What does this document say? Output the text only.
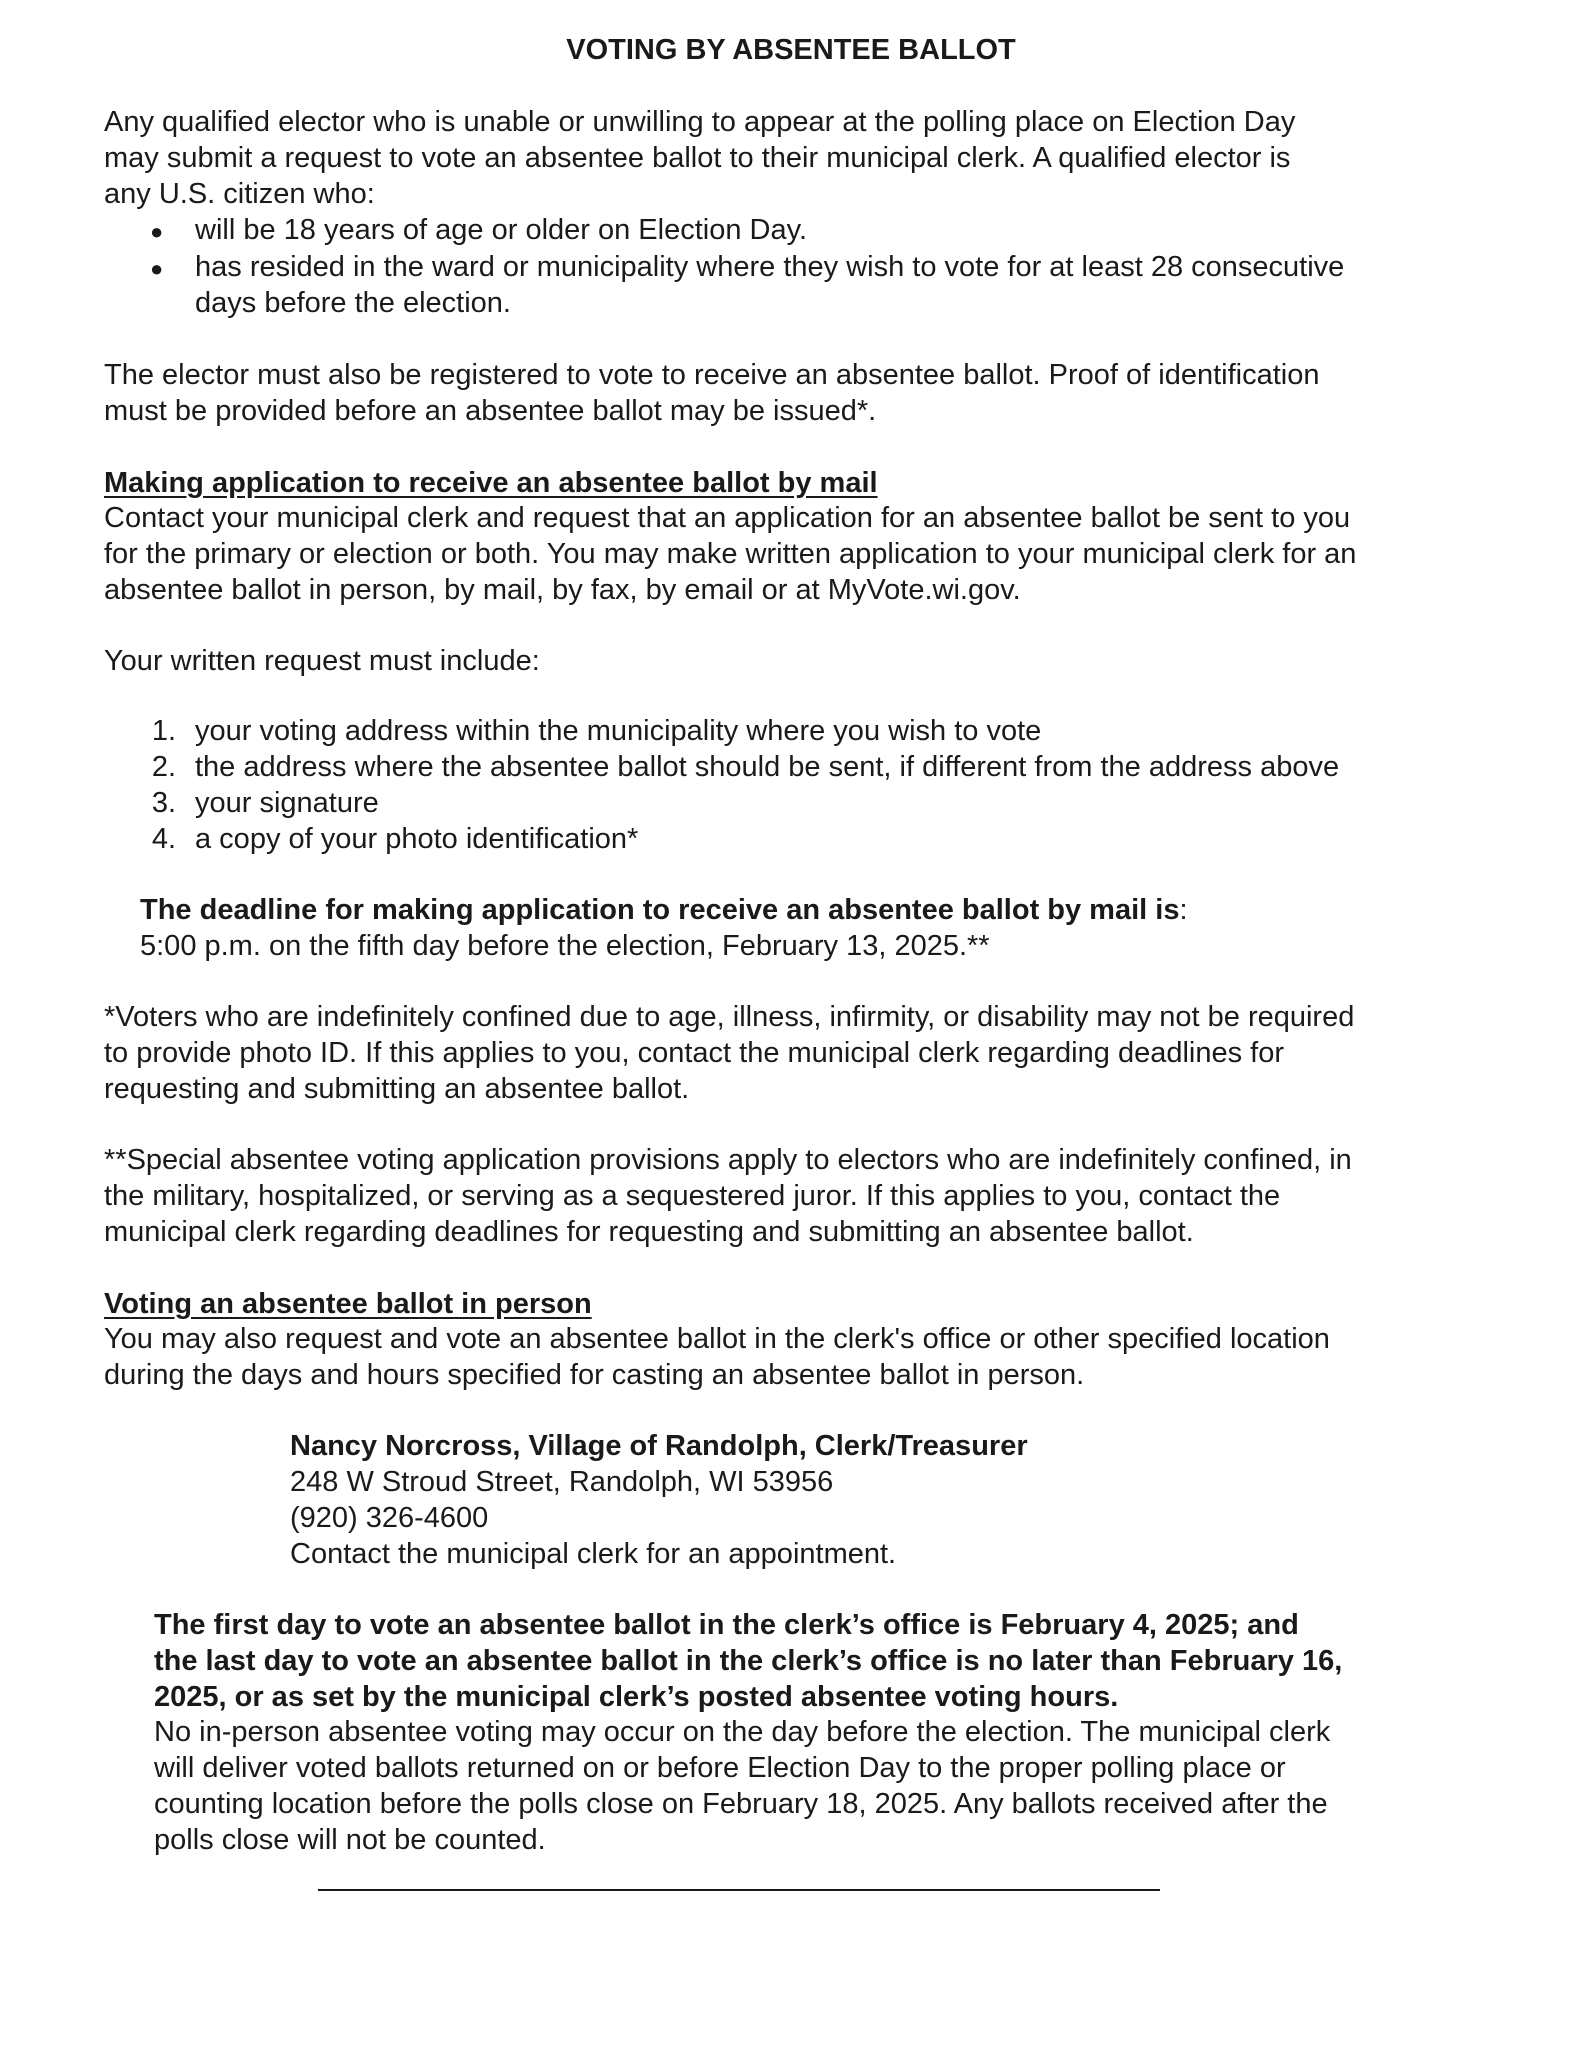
VOTING BY ABSENTEE BALLOT

Any qualified elector who is unable or unwilling to appear at the polling place on Election Day

may submit a request to vote an absentee ballot to their municipal clerk. A qualified elector is

any U.S. citizen who:

● will be 18 years of age or older on Election Day.

● has resided in the ward or municipality where they wish to vote for at least 28 consecutive

days before the election.

The elector must also be registered to vote to receive an absentee ballot. Proof of identification

must be provided before an absentee ballot may be issued*.

Making application to receive an absentee ballot by mail

Contact your municipal clerk and request that an application for an absentee ballot be sent to you

for the primary or election or both. You may make written application to your municipal clerk for an

absentee ballot in person, by mail, by fax, by email or at MyVote.wi.gov.

Your written request must include:

1. your voting address within the municipality where you wish to vote

2. the address where the absentee ballot should be sent, if different from the address above

3. your signature

4. a copy of your photo identification*

The deadline for making application to receive an absentee ballot by mail is:

5:00 p.m. on the fifth day before the election, February 13, 2025.**

*Voters who are indefinitely confined due to age, illness, infirmity, or disability may not be required

to provide photo ID. If this applies to you, contact the municipal clerk regarding deadlines for

requesting and submitting an absentee ballot.

**Special absentee voting application provisions apply to electors who are indefinitely confined, in

the military, hospitalized, or serving as a sequestered juror. If this applies to you, contact the

municipal clerk regarding deadlines for requesting and submitting an absentee ballot.

Voting an absentee ballot in person

You may also request and vote an absentee ballot in the clerk's office or other specified location

during the days and hours specified for casting an absentee ballot in person.

Nancy Norcross, Village of Randolph, Clerk/Treasurer

248 W Stroud Street, Randolph, WI 53956

(920) 326-4600

Contact the municipal clerk for an appointment.

The first day to vote an absentee ballot in the clerk’s office is February 4, 2025; and

the last day to vote an absentee ballot in the clerk’s office is no later than February 16,

2025, or as set by the municipal clerk’s posted absentee voting hours.

No in-person absentee voting may occur on the day before the election. The municipal clerk

will deliver voted ballots returned on or before Election Day to the proper polling place or

counting location before the polls close on February 18, 2025. Any ballots received after the

polls close will not be counted.
